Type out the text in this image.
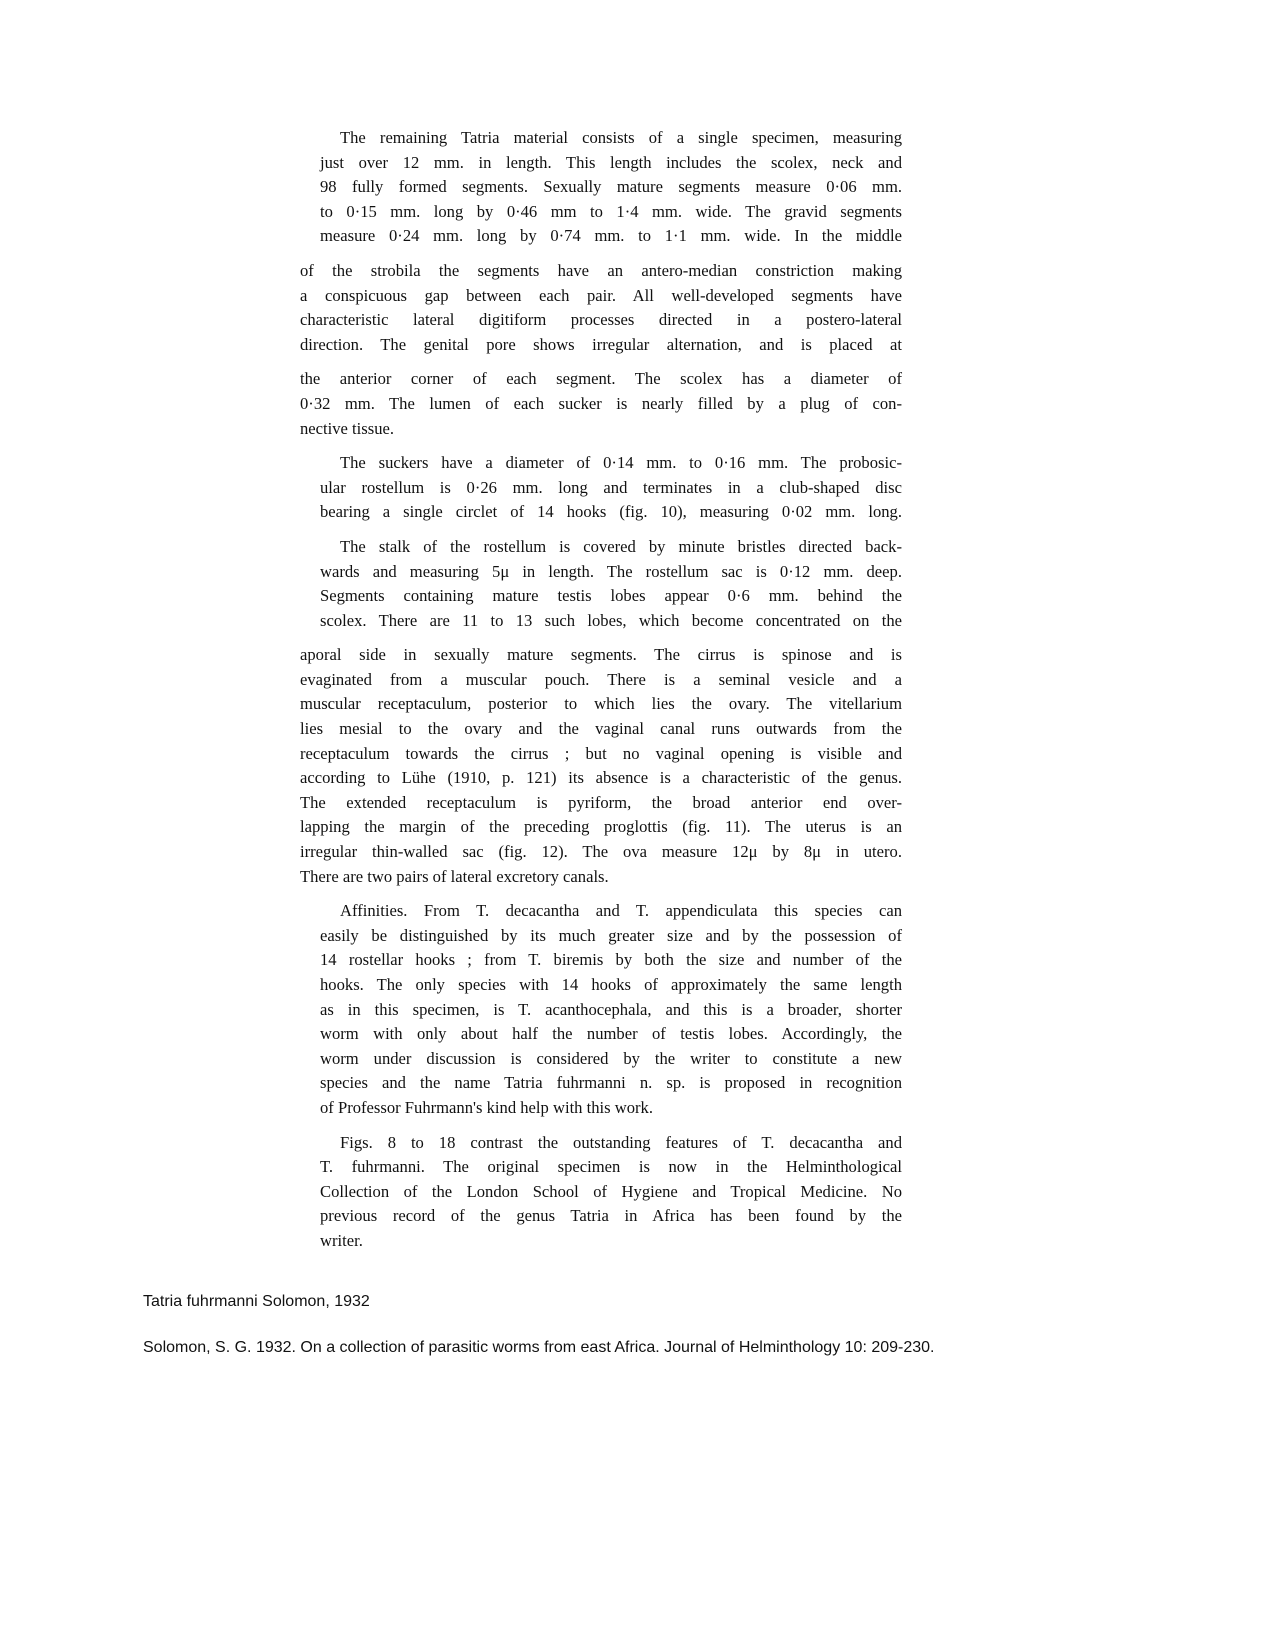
The remaining Tatria material consists of a single specimen, measuring
just over 12 mm. in length. This length includes the scolex, neck and
98 fully formed segments. Sexually mature segments measure 0·06 mm.
to 0·15 mm. long by 0·46 mm to 1·4 mm. wide. The gravid segments
measure 0·24 mm. long by 0·74 mm. to 1·1 mm. wide. In the middle
of the strobila the segments have an antero-median constriction making
a conspicuous gap between each pair. All well-developed segments have
characteristic lateral digitiform processes directed in a postero-lateral
direction. The genital pore shows irregular alternation, and is placed at
the anterior corner of each segment. The scolex has a diameter of
0·32 mm. The lumen of each sucker is nearly filled by a plug of con-
nective tissue.
The suckers have a diameter of 0·14 mm. to 0·16 mm. The probosic-
ular rostellum is 0·26 mm. long and terminates in a club-shaped disc
bearing a single circlet of 14 hooks (fig. 10), measuring 0·02 mm. long.
The stalk of the rostellum is covered by minute bristles directed back-
wards and measuring 5μ in length. The rostellum sac is 0·12 mm. deep.
Segments containing mature testis lobes appear 0·6 mm. behind the
scolex. There are 11 to 13 such lobes, which become concentrated on the
aporal side in sexually mature segments. The cirrus is spinose and is
evaginated from a muscular pouch. There is a seminal vesicle and a
muscular receptaculum, posterior to which lies the ovary. The vitellarium
lies mesial to the ovary and the vaginal canal runs outwards from the
receptaculum towards the cirrus ; but no vaginal opening is visible and
according to Lühe (1910, p. 121) its absence is a characteristic of the genus.
The extended receptaculum is pyriform, the broad anterior end over-
lapping the margin of the preceding proglottis (fig. 11). The uterus is an
irregular thin-walled sac (fig. 12). The ova measure 12μ by 8μ in utero.
There are two pairs of lateral excretory canals.
Affinities. From T. decacantha and T. appendiculata this species can
easily be distinguished by its much greater size and by the possession of
14 rostellar hooks ; from T. biremis by both the size and number of the
hooks. The only species with 14 hooks of approximately the same length
as in this specimen, is T. acanthocephala, and this is a broader, shorter
worm with only about half the number of testis lobes. Accordingly, the
worm under discussion is considered by the writer to constitute a new
species and the name Tatria fuhrmanni n. sp. is proposed in recognition
of Professor Fuhrmann's kind help with this work.
Figs. 8 to 18 contrast the outstanding features of T. decacantha and
T. fuhrmanni. The original specimen is now in the Helminthological
Collection of the London School of Hygiene and Tropical Medicine. No
previous record of the genus Tatria in Africa has been found by the
writer.
Tatria fuhrmanni Solomon, 1932
Solomon, S. G. 1932. On a collection of parasitic worms from east Africa. Journal of Helminthology 10: 209-230.
